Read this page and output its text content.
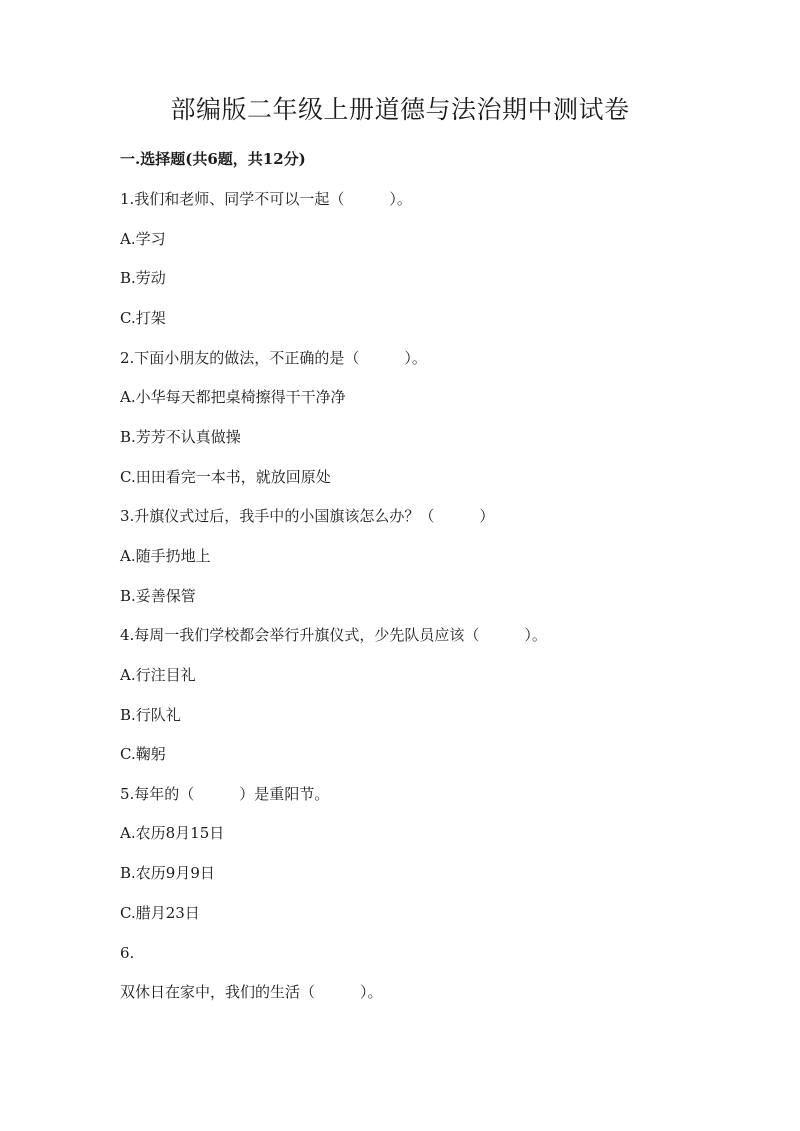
部编版二年级上册道德与法治期中测试卷
一.选择题(共6题，共12分)
1.我们和老师、同学不可以一起（　　　）。
A.学习
B.劳动
C.打架
2.下面小朋友的做法，不正确的是（　　　）。
A.小华每天都把桌椅擦得干干净净
B.芳芳不认真做操
C.田田看完一本书，就放回原处
3.升旗仪式过后，我手中的小国旗该怎么办？（　　　）
A.随手扔地上
B.妥善保管
4.每周一我们学校都会举行升旗仪式，少先队员应该（　　　）。
A.行注目礼
B.行队礼
C.鞠躬
5.每年的（　　　）是重阳节。
A.农历8月15日
B.农历9月9日
C.腊月23日
6.
双休日在家中，我们的生活（　　　）。
